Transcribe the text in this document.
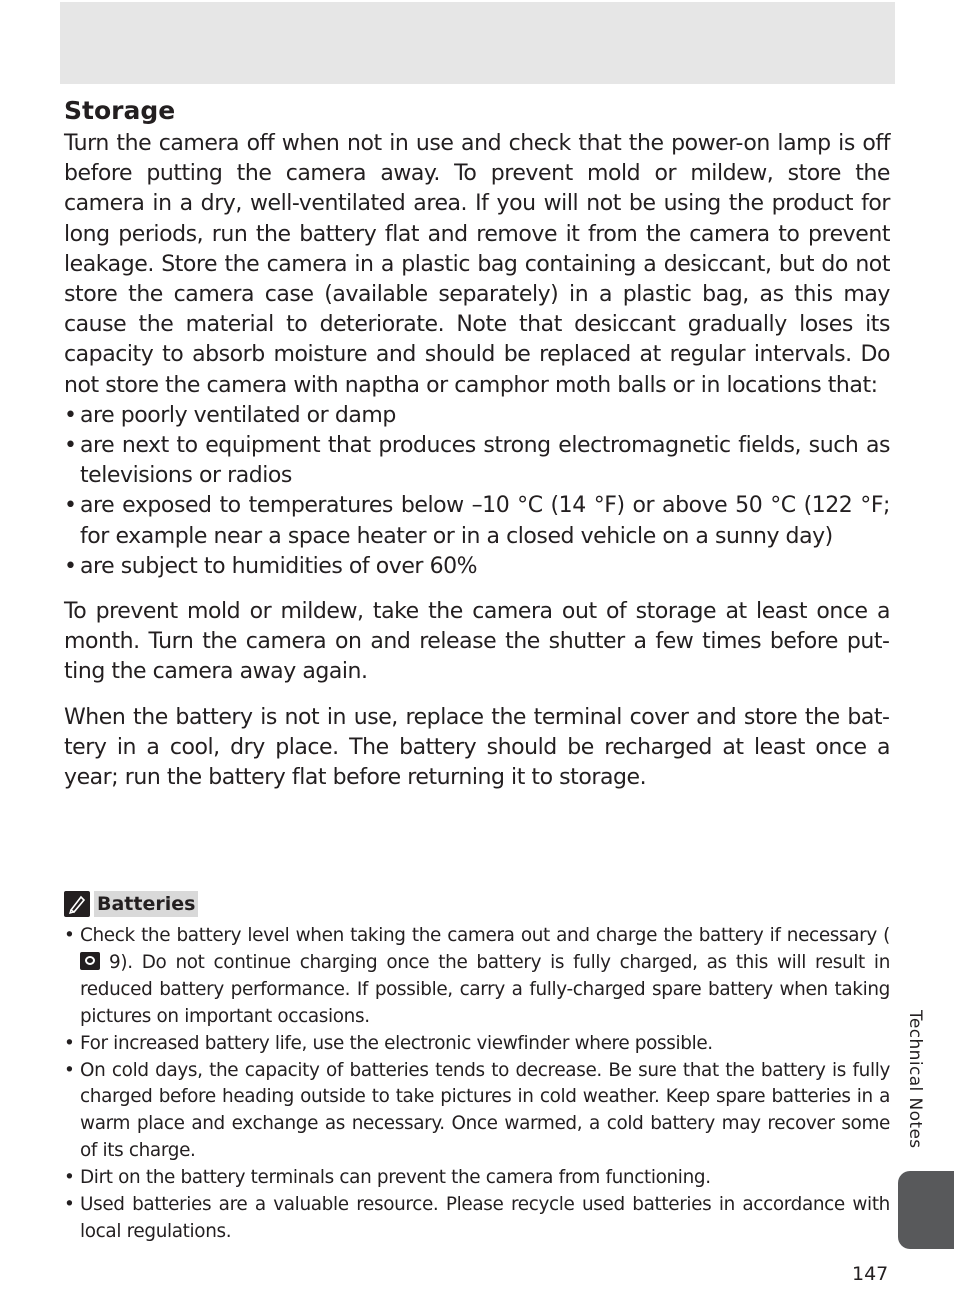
Storage

Turn the camera off when not in use and check that the power-on lamp is off before putting the camera away. To prevent mold or mildew, store the camera in a dry, well-ventilated area. If you will not be using the product for long periods, run the battery flat and remove it from the camera to prevent leakage. Store the camera in a plastic bag containing a desiccant, but do not store the camera case (available separately) in a plastic bag, as this may cause the material to deteriorate. Note that desiccant gradually loses its capacity to absorb moisture and should be replaced at regular intervals. Do not store the camera with naptha or camphor moth balls or in locations that:

• are poorly ventilated or damp
• are next to equipment that produces strong electromagnetic fields, such as televisions or radios
• are exposed to temperatures below –10 °C (14 °F) or above 50 °C (122 °F; for example near a space heater or in a closed vehicle on a sunny day)
• are subject to humidities of over 60%

To prevent mold or mildew, take the camera out of storage at least once a month. Turn the camera on and release the shutter a few times before putting the camera away again.

When the battery is not in use, replace the terminal cover and store the battery in a cool, dry place. The battery should be recharged at least once a year; run the battery flat before returning it to storage.

Batteries
• Check the battery level when taking the camera out and charge the battery if necessary ( 9). Do not continue charging once the battery is fully charged, as this will result in reduced battery performance. If possible, carry a fully-charged spare battery when taking pictures on important occasions.
• For increased battery life, use the electronic viewfinder where possible.
• On cold days, the capacity of batteries tends to decrease. Be sure that the battery is fully charged before heading outside to take pictures in cold weather. Keep spare batteries in a warm place and exchange as necessary. Once warmed, a cold battery may recover some of its charge.
• Dirt on the battery terminals can prevent the camera from functioning.
• Used batteries are a valuable resource. Please recycle used batteries in accordance with local regulations.
Technical Notes
147
